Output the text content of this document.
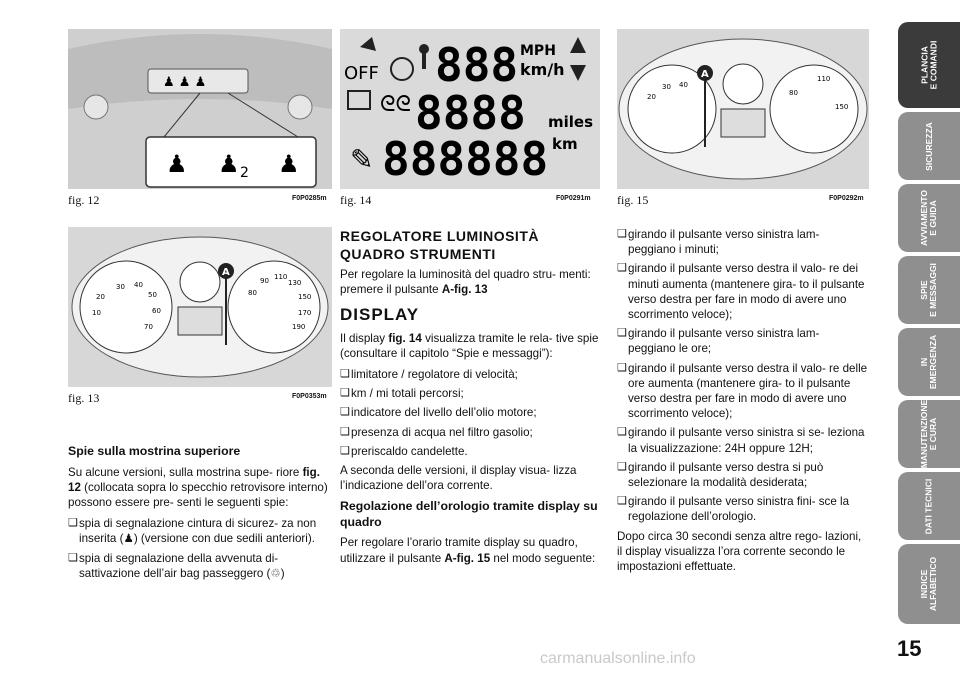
♟ ♟ ♟
♟ ♟ 2 ♟
fig. 12	F0P0285m
OFF 888 MPH
km/h
ᘓᘓ 8888 miles
✎ 888888 km
fig. 14	F0P0291m
A
20
30 40
80
110
150
fig. 15	F0P0292m
A
20
30 40
50
60
70
10
80
90 110
130
150
170
190
fig. 13	F0P0353m
Spie sulla mostrina superiore

Su alcune versioni, sulla mostrina supe- riore fig. 12 (collocata sopra lo specchio retrovisore interno) possono essere pre- senti le seguenti spie:

❑ spia di segnalazione cintura di sicurez- za non inserita (♟) (versione con due sedili anteriori).
❑ spia di segnalazione della avvenuta di- sattivazione dell’air bag passeggero (♲)
REGOLATORE LUMINOSITÀ QUADRO STRUMENTI

Per regolare la luminosità del quadro stru- menti: premere il pulsante A-fig. 13

DISPLAY

Il display fig. 14 visualizza tramite le rela- tive spie (consultare il capitolo “Spie e messaggi”):

❑ limitatore / regolatore di velocità;
❑ km / mi totali percorsi;
❑ indicatore del livello dell’olio motore;
❑ presenza di acqua nel filtro gasolio;
❑ preriscaldo candelette.

A seconda delle versioni, il display visua- lizza l’indicazione dell’ora corrente.

Regolazione dell’orologio tramite display su quadro

Per regolare l’orario tramite display su quadro, utilizzare il pulsante A-fig. 15 nel modo seguente:

❑ girando il pulsante verso sinistra lam- peggiano i minuti;
❑ girando il pulsante verso destra il valo- re dei minuti aumenta (mantenere gira- to il pulsante verso destra per fare in modo di avere uno scorrimento veloce);
❑ girando il pulsante verso sinistra lam- peggiano le ore;
❑ girando il pulsante verso destra il valo- re delle ore aumenta (mantenere gira- to il pulsante verso destra per fare in modo di avere uno scorrimento veloce);
❑ girando il pulsante verso sinistra si se- leziona la visualizzazione: 24H oppure 12H;
❑ girando il pulsante verso destra si può selezionare la modalità desiderata;
❑ girando il pulsante verso sinistra fini- sce la regolazione dell’orologio.

Dopo circa 30 secondi senza altre rego- lazioni, il display visualizza l’ora corrente secondo le impostazioni effettuate.

PLANCIA
E COMANDI
SICUREZZA
AVVIAMENTO
E GUIDA
SPIE
E MESSAGGI
IN
EMERGENZA
MANUTENZIONE
E CURA
DATI TECNICI
INDICE
ALFABETICO
15
carmanualsonline.info
